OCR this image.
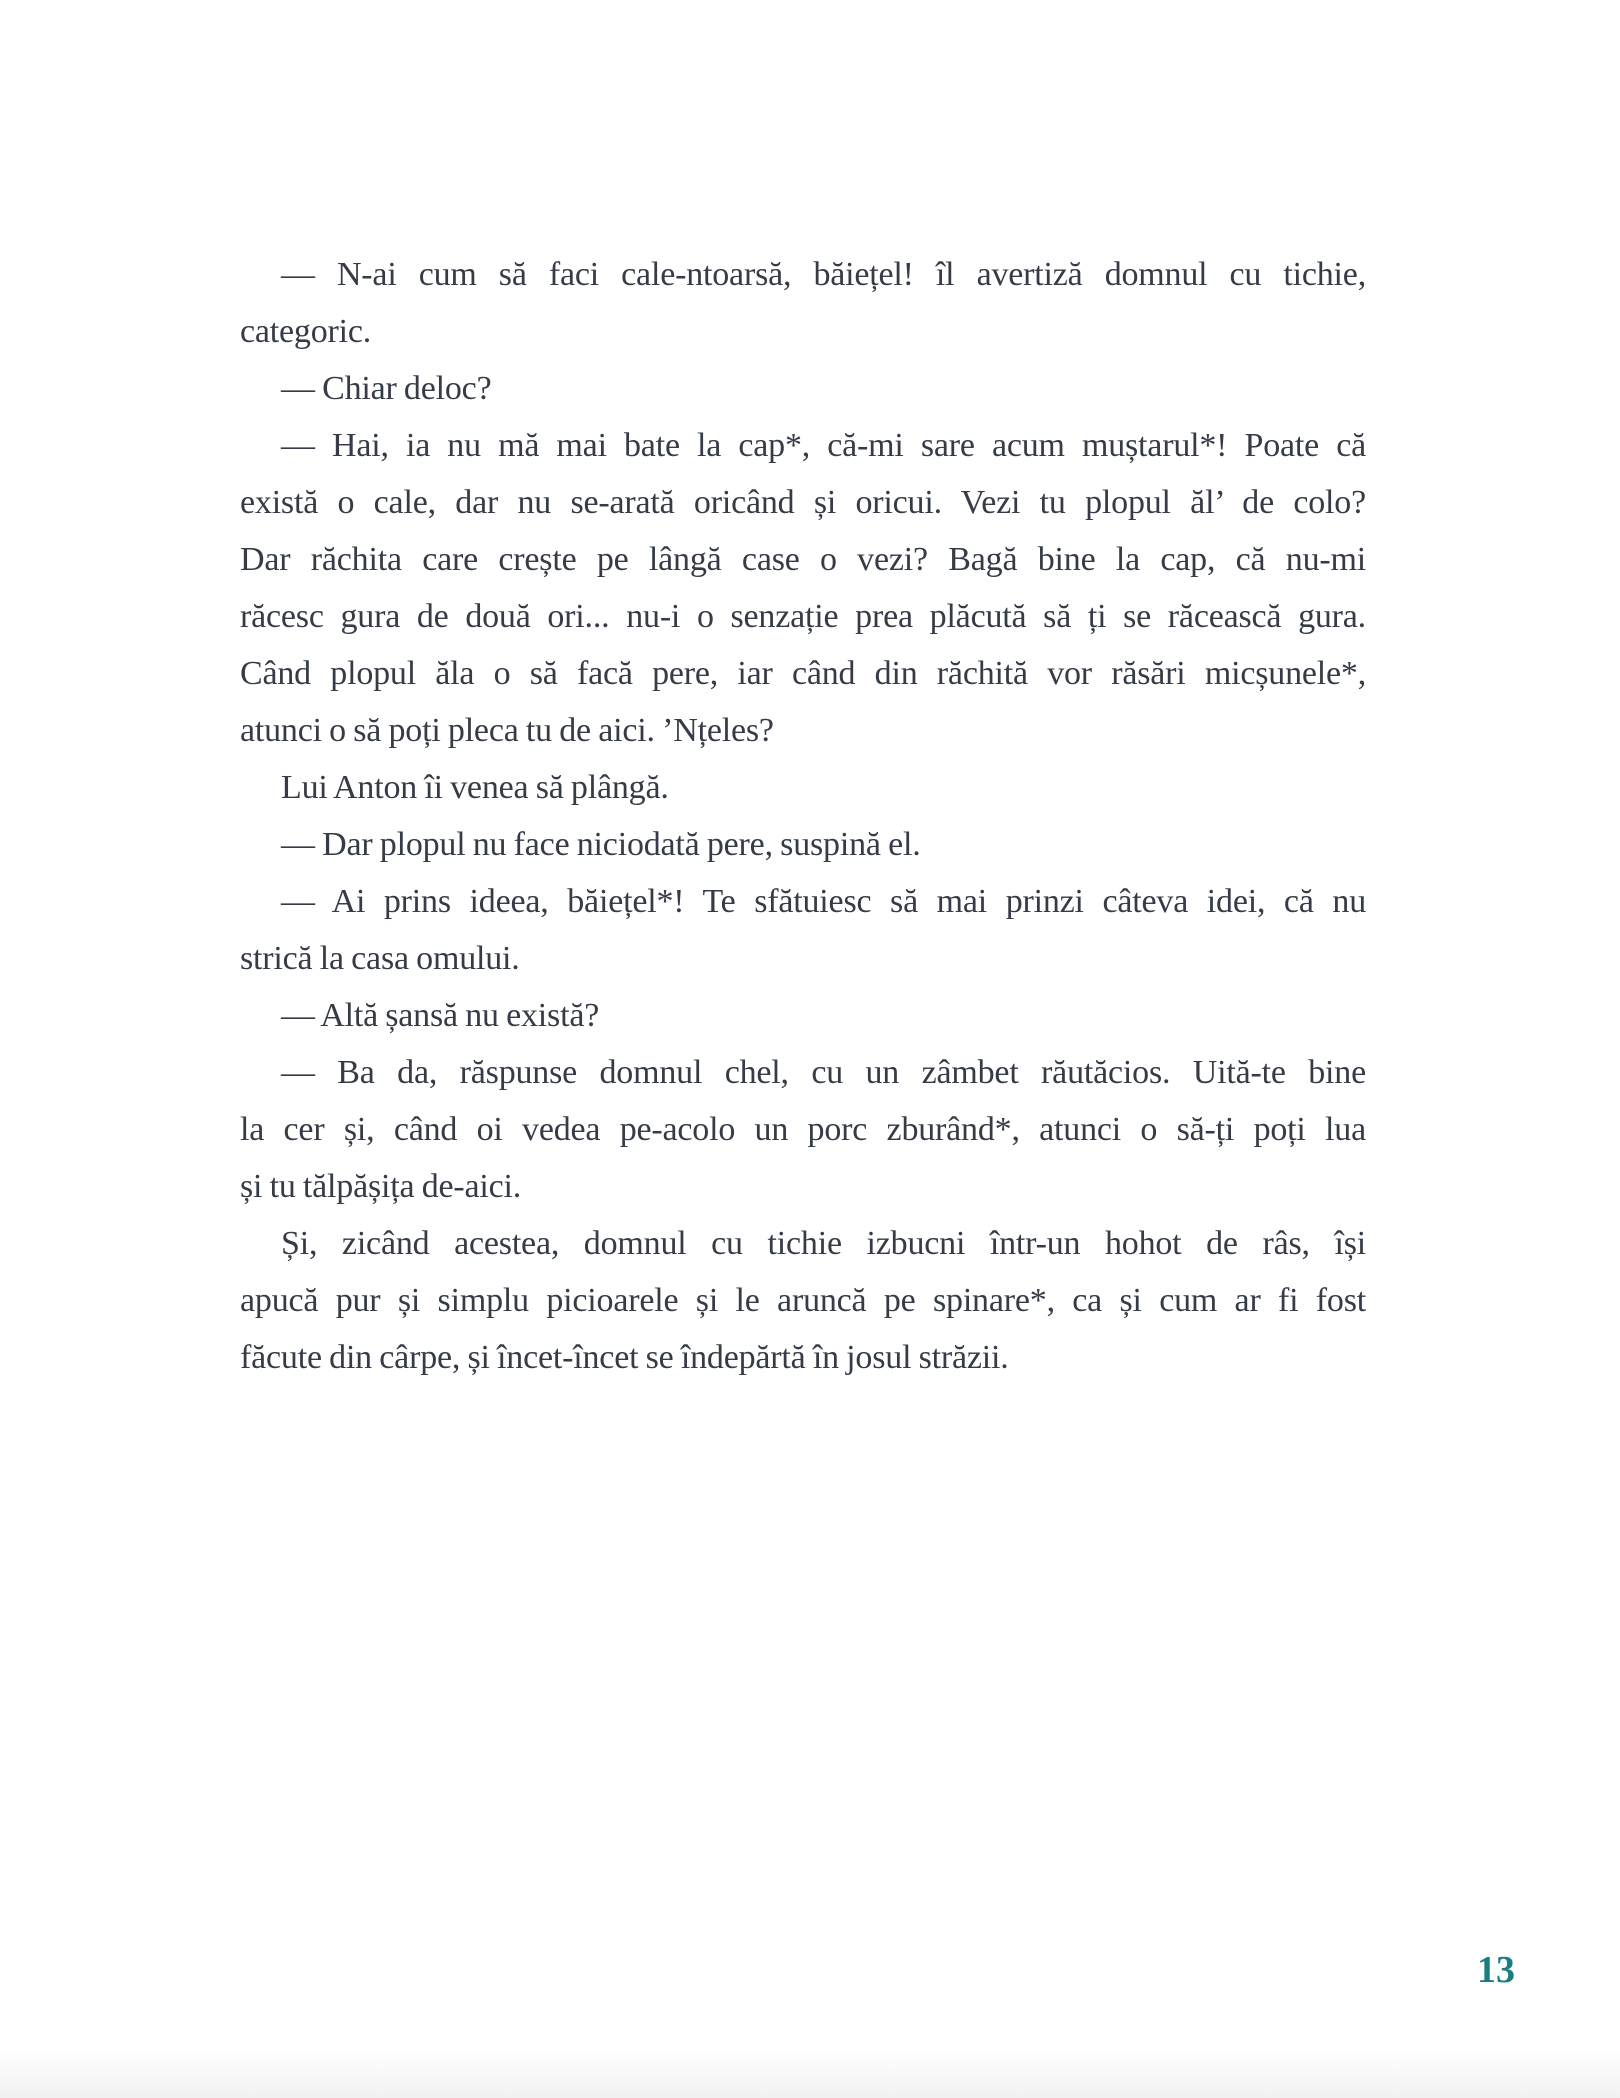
— N-ai cum să faci cale-ntoarsă, băiețel! îl avertiză domnul cu tichie,
categoric.
— Chiar deloc?
— Hai, ia nu mă mai bate la cap*, că-mi sare acum muștarul*! Poate că
există o cale, dar nu se-arată oricând și oricui. Vezi tu plopul ăl’ de colo?
Dar răchita care crește pe lângă case o vezi? Bagă bine la cap, că nu-mi
răcesc gura de două ori... nu-i o senzație prea plăcută să ți se răcească gura.
Când plopul ăla o să facă pere, iar când din răchită vor răsări micșunele*,
atunci o să poți pleca tu de aici. ’Nțeles?
Lui Anton îi venea să plângă.
— Dar plopul nu face niciodată pere, suspină el.
— Ai prins ideea, băiețel*! Te sfătuiesc să mai prinzi câteva idei, că nu
strică la casa omului.
— Altă șansă nu există?
— Ba da, răspunse domnul chel, cu un zâmbet răutăcios. Uită-te bine
la cer și, când oi vedea pe-acolo un porc zburând*, atunci o să-ți poți lua
și tu tălpășița de-aici.
Și, zicând acestea, domnul cu tichie izbucni într-un hohot de râs, își
apucă pur și simplu picioarele și le aruncă pe spinare*, ca și cum ar fi fost
făcute din cârpe, și încet-încet se îndepărtă în josul străzii.
13
